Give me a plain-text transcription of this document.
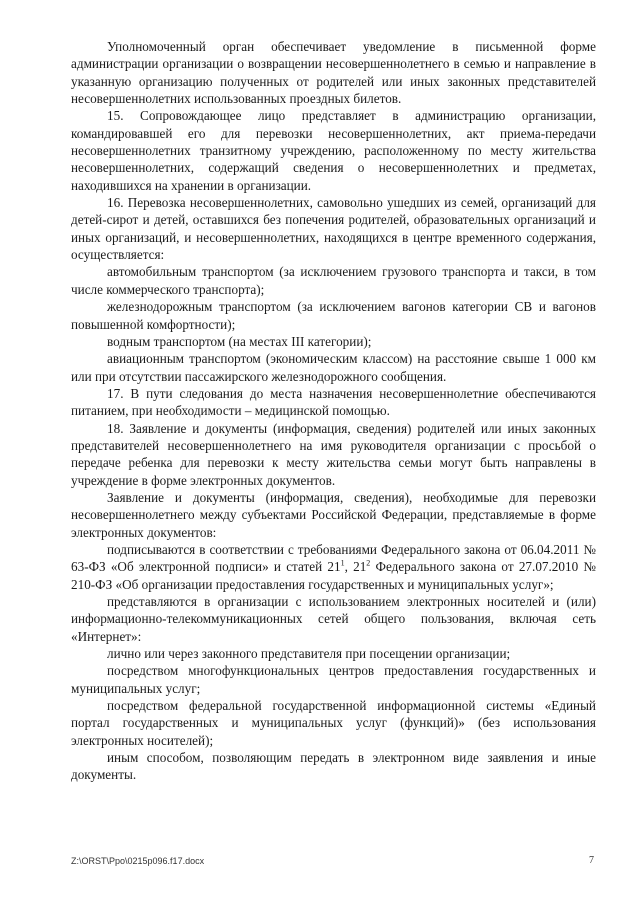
Уполномоченный орган обеспечивает уведомление в письменной форме администрации организации о возвращении несовершеннолетнего в семью и направление в указанную организацию полученных от родителей или иных законных представителей несовершеннолетних использованных проездных билетов.

15. Сопровождающее лицо представляет в администрацию организации, командировавшей его для перевозки несовершеннолетних, акт приема-передачи несовершеннолетних транзитному учреждению, расположенному по месту жительства несовершеннолетних, содержащий сведения о несовершеннолетних и предметах, находившихся на хранении в организации.

16. Перевозка несовершеннолетних, самовольно ушедших из семей, организаций для детей-сирот и детей, оставшихся без попечения родителей, образовательных организаций и иных организаций, и несовершеннолетних, находящихся в центре временного содержания, осуществляется:

автомобильным транспортом (за исключением грузового транспорта и такси, в том числе коммерческого транспорта);

железнодорожным транспортом (за исключением вагонов категории СВ и вагонов повышенной комфортности);

водным транспортом (на местах III категории);

авиационным транспортом (экономическим классом) на расстояние свыше 1 000 км или при отсутствии пассажирского железнодорожного сообщения.

17. В пути следования до места назначения несовершеннолетние обеспечиваются питанием, при необходимости – медицинской помощью.

18. Заявление и документы (информация, сведения) родителей или иных законных представителей несовершеннолетнего на имя руководителя организации с просьбой о передаче ребенка для перевозки к месту жительства семьи могут быть направлены в учреждение в форме электронных документов.

Заявление и документы (информация, сведения), необходимые для перевозки несовершеннолетнего между субъектами Российской Федерации, представляемые в форме электронных документов:

подписываются в соответствии с требованиями Федерального закона от 06.04.2011 № 63-ФЗ «Об электронной подписи» и статей $21^1$, $21^2$ Федерального закона от 27.07.2010 № 210-ФЗ «Об организации предоставления государственных и муниципальных услуг»;

представляются в организации с использованием электронных носителей и (или) информационно-телекоммуникационных сетей общего пользования, включая сеть «Интернет»:

лично или через законного представителя при посещении организации;

посредством многофункциональных центров предоставления государственных и муниципальных услуг;

посредством федеральной государственной информационной системы «Единый портал государственных и муниципальных услуг (функций)» (без использования электронных носителей);

иным способом, позволяющим передать в электронном виде заявления и иные документы.

Z:\ORST\Ppo\0215p096.f17.docx	7
